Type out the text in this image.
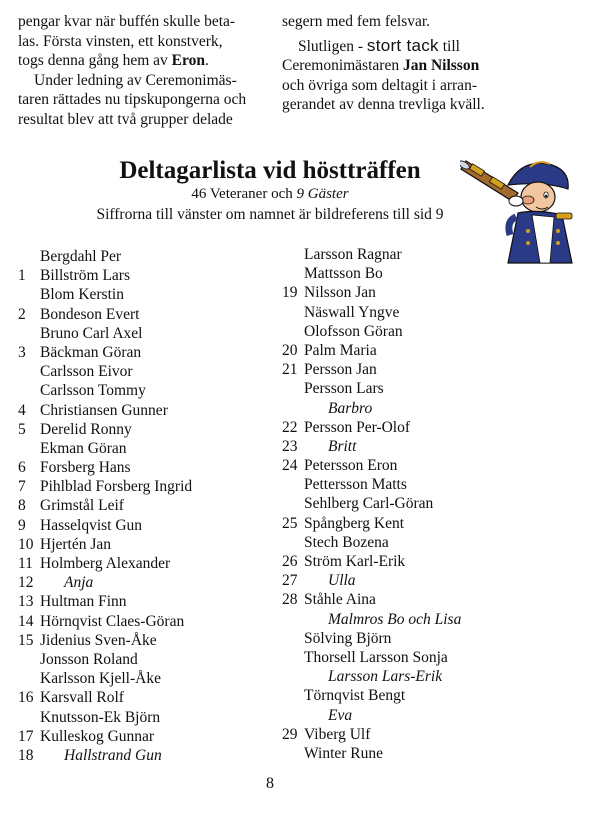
pengar kvar när buffén skulle beta-
las. Första vinsten, ett konstverk,
togs denna gång hem av Eron.

Under ledning av Ceremonimäs-
taren rättades nu tipskupongerna och
resultat blev att två grupper delade

segern med fem felsvar.

Slutligen - stort tack till
Ceremonimästaren Jan Nilsson
och övriga som deltagit i arran-
gerandet av denna trevliga kväll.

Deltagarlista vid höstträffen

46 Veteraner och 9 Gäster

Siffrorna till vänster om namnet är bildreferens till sid 9

Bergdahl Per
1 Billström Lars
Blom Kerstin
2 Bondeson Evert
Bruno Carl Axel
3 Bäckman Göran
Carlsson Eivor
Carlsson Tommy
4 Christiansen Gunner
5 Derelid Ronny
Ekman Göran
6 Forsberg Hans
7 Pihlblad Forsberg Ingrid
8 Grimstål Leif
9 Hasselqvist Gun
10 Hjertén Jan
11 Holmberg Alexander
12	Anja
13 Hultman Finn
14 Hörnqvist Claes-Göran
15 Jidenius Sven-Åke
Jonsson Roland
Karlsson Kjell-Åke
16 Karsvall Rolf
Knutsson-Ek Björn
17 Kulleskog Gunnar
18	Hallstrand Gun
Larsson Ragnar
Mattsson Bo
19 Nilsson Jan
Näswall Yngve
Olofsson Göran
20 Palm Maria
21 Persson Jan
Persson Lars
Barbro
22 Persson Per-Olof
23	Britt
24 Petersson Eron
Pettersson Matts
Sehlberg Carl-Göran
25 Spångberg Kent
Stech Bozena
26 Ström Karl-Erik
27	Ulla
28 Ståhle Aina
Malmros Bo och Lisa
Sölving Björn
Thorsell Larsson Sonja
Larsson Lars-Erik
Törnqvist Bengt
Eva
29 Viberg Ulf
Winter Rune
8
